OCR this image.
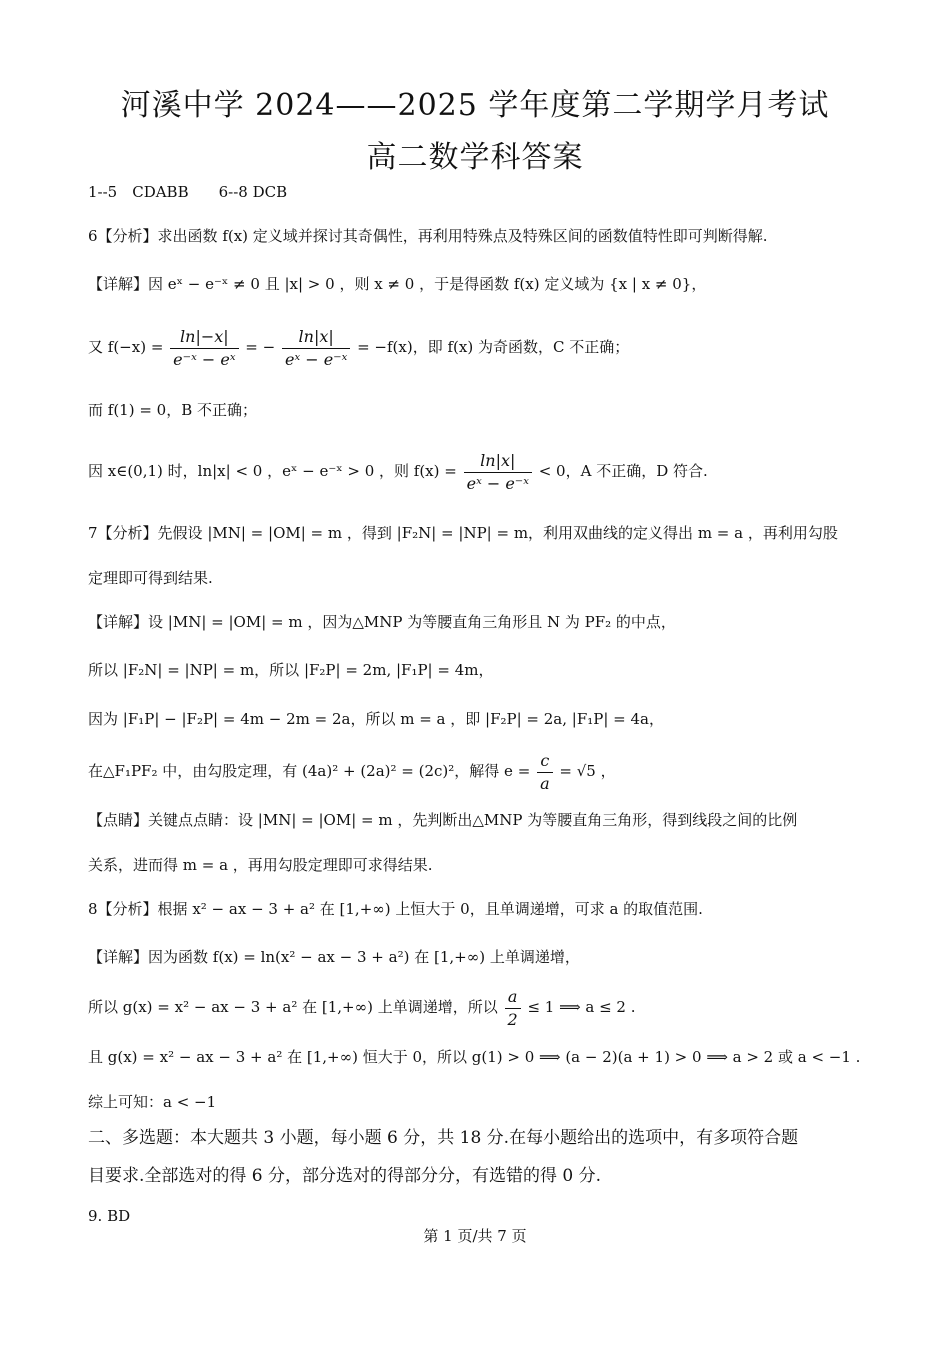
河溪中学 2024——2025 学年度第二学期学月考试
高二数学科答案
1--5　CDABB　　6--8 DCB
6【分析】求出函数 f(x) 定义域并探讨其奇偶性，再利用特殊点及特殊区间的函数值特性即可判断得解.
【详解】因 eˣ − e⁻ˣ ≠ 0 且 |x| > 0 ，则 x ≠ 0 ，于是得函数 f(x) 定义域为 {x | x ≠ 0}，
又 $f(-x) = \frac{\ln|-x|}{\text{e⁻ˣ − eˣ}}$ = − $\frac{\ln|x|}{\text{eˣ − e⁻ˣ}} = -f(x)$，即 f(x) 为奇函数，C 不正确；
而 f(1) = 0，B 不正确；
因 x∈(0,1) 时，ln|x| < 0 ，eˣ − e⁻ˣ > 0 ，则 $f(x) = \frac{\ln|x|}{\text{eˣ − e⁻ˣ}} < 0$，A 不正确，D 符合.
7【分析】先假设 |MN| = |OM| = m ，得到 |F₂N| = |NP| = m，利用双曲线的定义得出 m = a ，再利用勾股
定理即可得到结果.
【详解】设 |MN| = |OM| = m ，因为△MNP 为等腰直角三角形且 N 为 PF₂ 的中点，
所以 |F₂N| = |NP| = m，所以 |F₂P| = 2m, |F₁P| = 4m，
因为 |F₁P| − |F₂P| = 4m − 2m = 2a，所以 m = a ，即 |F₂P| = 2a, |F₁P| = 4a，
在△F₁PF₂ 中，由勾股定理，有 (4a)² + (2a)² = (2c)²，解得 $e = \frac{c}{a} = √5$ ，
【点睛】关键点点睛：设 |MN| = |OM| = m ，先判断出△MNP 为等腰直角三角形，得到线段之间的比例
关系，进而得 m = a ，再用勾股定理即可求得结果.
8【分析】根据 x² − ax − 3 + a² 在 [1,+∞) 上恒大于 0，且单调递增，可求 a 的取值范围.
【详解】因为函数 f(x) = ln(x² − ax − 3 + a²) 在 [1,+∞) 上单调递增，
所以 g(x) = x² − ax − 3 + a² 在 [1,+∞) 上单调递增，所以 $\frac{a}{2} \le 1$ ⟹ a ≤ 2 .
且 g(x) = x² − ax − 3 + a² 在 [1,+∞) 恒大于 0，所以 g(1) > 0 ⟹ (a − 2)(a + 1) > 0 ⟹ a > 2 或 a < −1 .
综上可知：a < −1
二、多选题：本大题共 3 小题，每小题 6 分，共 18 分.在每小题给出的选项中，有多项符合题
目要求.全部选对的得 6 分，部分选对的得部分分，有选错的得 0 分.
9. BD
第 1 页/共 7 页
